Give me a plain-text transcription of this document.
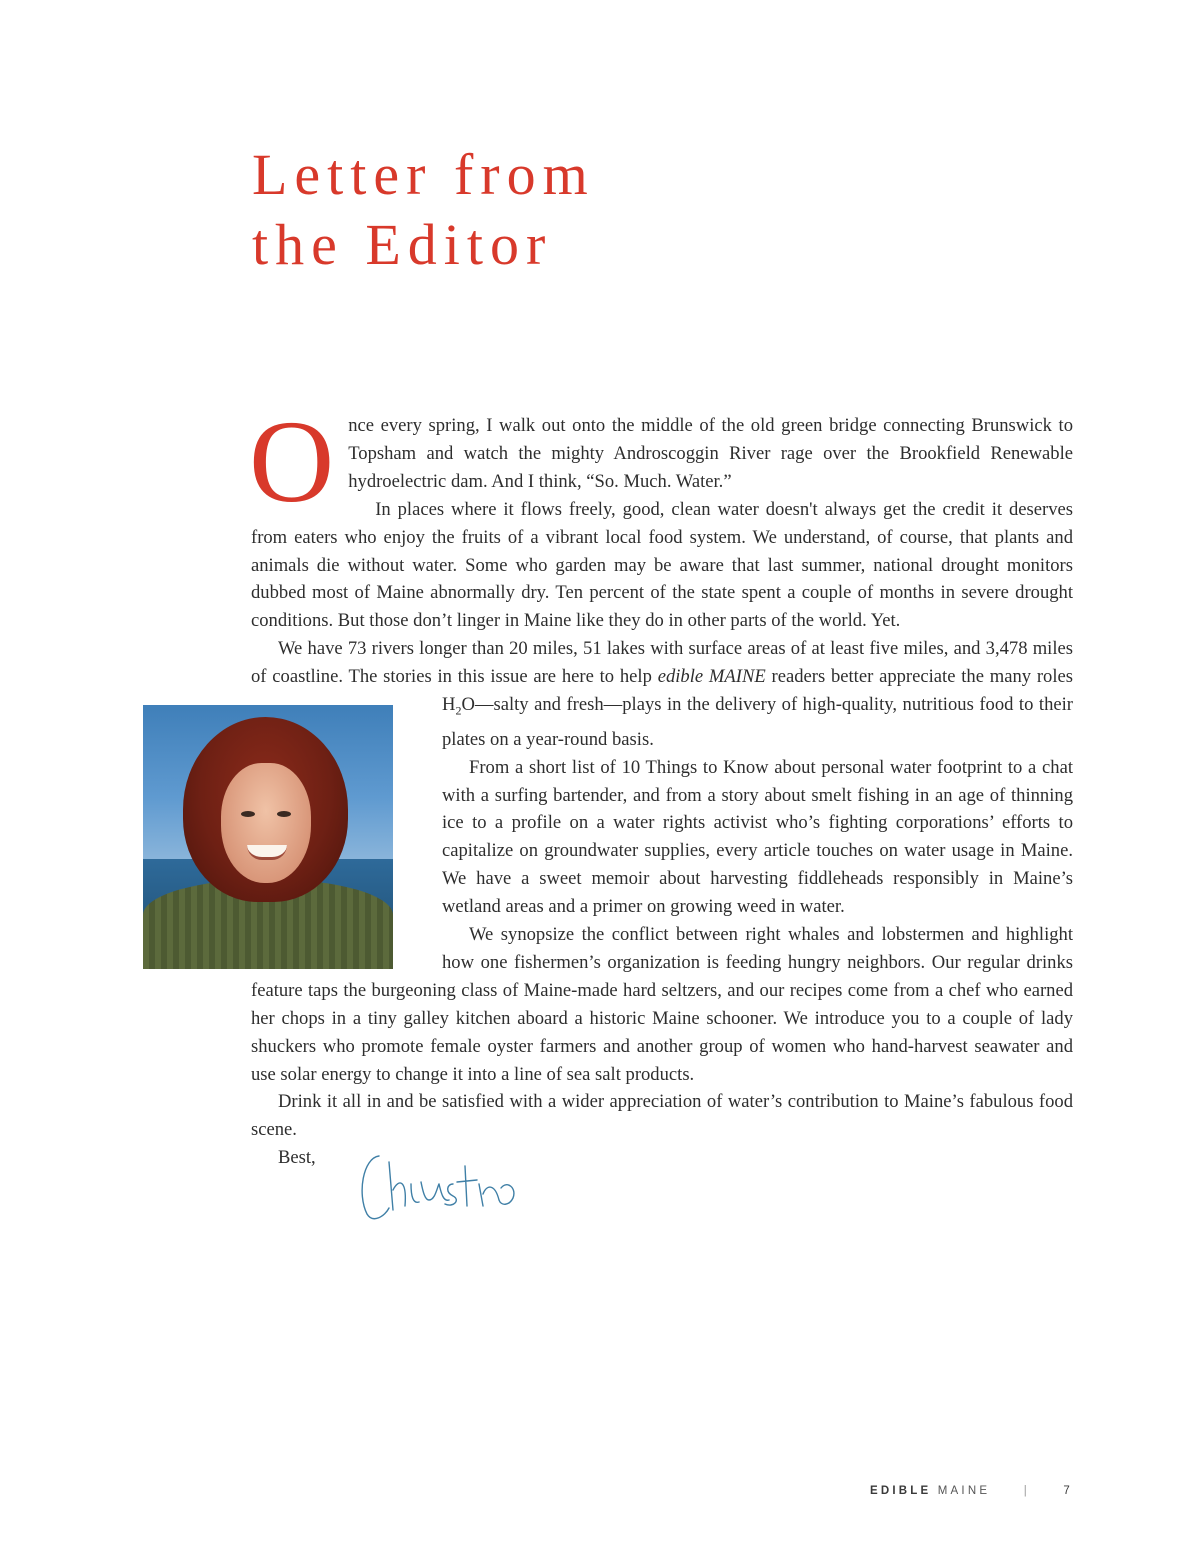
Letter from
the Editor

Once every spring, I walk out onto the middle of the old green bridge connecting Brunswick to Topsham and watch the mighty Androscoggin River rage over the Brookfield Renewable hydroelectric dam. And I think, “So. Much. Water.”

In places where it flows freely, good, clean water doesn't always get the credit it deserves from eaters who enjoy the fruits of a vibrant local food system. We understand, of course, that plants and animals die without water. Some who garden may be aware that last summer, national drought monitors dubbed most of Maine abnormally dry. Ten percent of the state spent a couple of months in severe drought conditions. But those don’t linger in Maine like they do in other parts of the world. Yet.

We have 73 rivers longer than 20 miles, 51 lakes with surface areas of at least five miles, and 3,478 miles of coastline. The stories in this issue are here to help edible MAINE readers better appreciate the many roles $H_2O—salty$ and fresh—plays in the delivery of high-quality, nutritious food to their plates on a year-round basis.

From a short list of 10 Things to Know about personal water footprint to a chat with a surfing bartender, and from a story about smelt fishing in an age of thinning ice to a profile on a water rights activist who’s fighting corporations’ efforts to capitalize on groundwater supplies, every article touches on water usage in Maine. We have a sweet memoir about harvesting fiddleheads responsibly in Maine’s wetland areas and a primer on growing weed in water.

We synopsize the conflict between right whales and lobstermen and highlight how one fishermen’s organization is feeding hungry neighbors. Our regular drinks feature taps the burgeoning class of Maine-made hard seltzers, and our recipes come from a chef who earned her chops in a tiny galley kitchen aboard a historic Maine schooner. We introduce you to a couple of lady shuckers who promote female oyster farmers and another group of women who hand-harvest seawater and use solar energy to change it into a line of sea salt products.

Drink it all in and be satisfied with a wider appreciation of water’s contribution to Maine’s fabulous food scene.

Best,

EDIBLE MAINE	|	7
